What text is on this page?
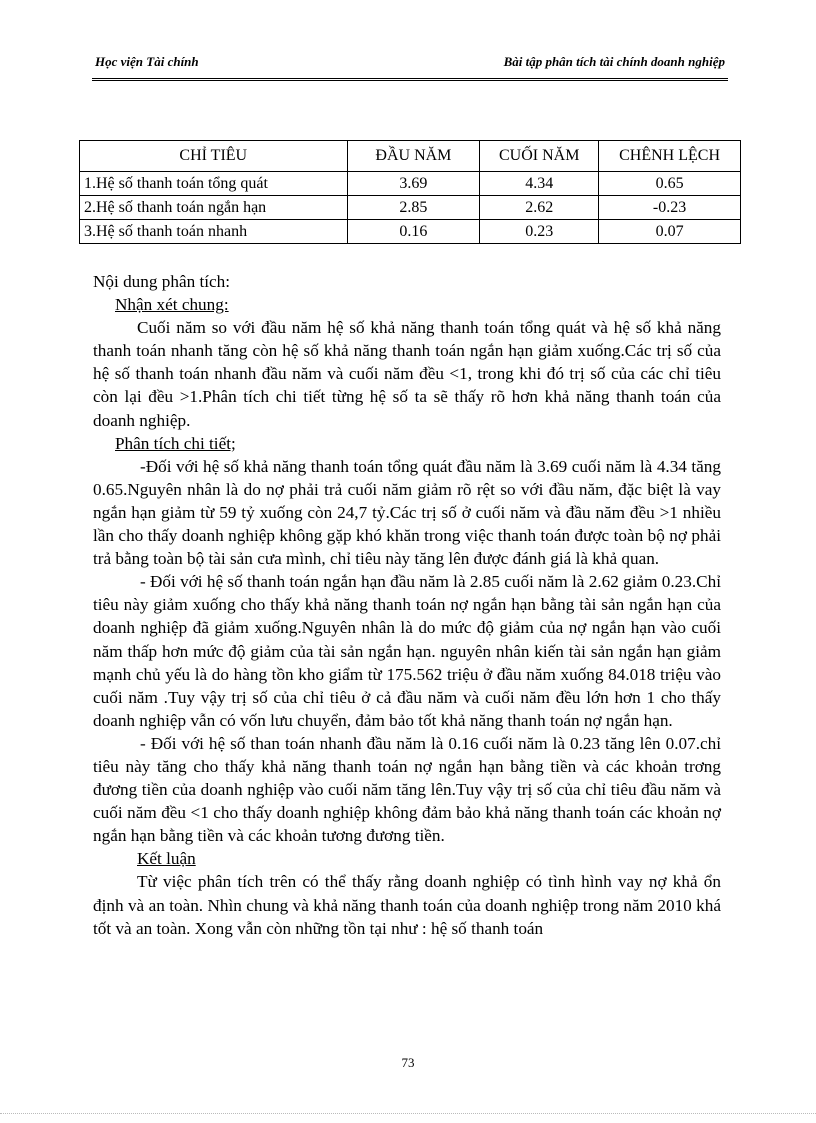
Học viện Tài chính	Bài tập phân tích tài chính doanh nghiệp
CHỈ TIÊU	ĐẦU NĂM	CUỐI NĂM	CHÊNH LỆCH
1.Hệ số thanh toán tổng quát	3.69	4.34	0.65
2.Hệ số thanh toán ngắn hạn	2.85	2.62	-0.23
3.Hệ số thanh toán nhanh	0.16	0.23	0.07

Nội dung phân tích:

Nhận xét chung:

Cuối năm so với đầu năm hệ số khả năng thanh toán tổng quát và hệ số khả năng thanh toán nhanh tăng còn hệ số khả năng thanh toán ngắn hạn giảm xuống.Các trị số của hệ số thanh toán nhanh đầu năm và cuối năm đều <1, trong khi đó trị số của các chỉ tiêu còn lại đều >1.Phân tích chi tiết từng hệ số ta sẽ thấy rõ hơn khả năng thanh toán của doanh nghiệp.

Phân tích chi tiết;

-Đối với hệ số khả năng thanh toán tổng quát đầu năm là 3.69 cuối năm là 4.34 tăng 0.65.Nguyên nhân là do nợ phải trả cuối năm giảm rõ rệt so với đầu năm, đặc biệt là vay ngắn hạn giảm từ 59 tỷ xuống còn 24,7 tỷ.Các trị số ở cuối năm và đầu năm đều >1 nhiều lần cho thấy doanh nghiệp không gặp khó khăn trong việc thanh toán được toàn bộ nợ phải trả bằng toàn bộ tài sản cưa mình, chỉ tiêu này tăng lên được đánh giá là khả quan.

- Đối với hệ số thanh toán ngắn hạn đầu năm là 2.85 cuối năm là 2.62 giảm 0.23.Chỉ tiêu này giảm xuống cho thấy khả năng thanh toán nợ ngắn hạn bằng tài sản ngắn hạn của doanh nghiệp đã giảm xuống.Nguyên nhân là do mức độ giảm của nợ ngắn hạn vào cuối năm thấp hơn mức độ giảm của tài sản ngắn hạn. nguyên nhân kiến tài sản ngắn hạn giảm mạnh chủ yếu là do hàng tồn kho giẩm từ 175.562 triệu ở đầu năm xuống 84.018 triệu vào cuối năm .Tuy vậy trị số của chỉ tiêu ở cả đầu năm và cuối năm đều lớn hơn 1 cho thấy doanh nghiệp vẫn có vốn lưu chuyển, đảm bảo tốt khả năng thanh toán nợ ngắn hạn.

- Đối với hệ số than toán nhanh đầu năm là 0.16 cuối năm là 0.23 tăng lên 0.07.chỉ tiêu này tăng cho thấy khả năng thanh toán nợ ngắn hạn bằng tiền và các khoản trơng đương tiền của doanh nghiệp vào cuối năm tăng lên.Tuy vậy trị số của chỉ tiêu đầu năm và cuối năm đều <1 cho thấy doanh nghiệp không đảm bảo khả năng thanh toán các khoản nợ ngắn hạn bằng tiền và các khoản tương đương tiền.

Kết luận

Từ việc phân tích trên có thể thấy rằng doanh nghiệp có tình hình vay nợ khả ổn định và an toàn. Nhìn chung và khả năng thanh toán của doanh nghiệp trong năm 2010 khá tốt và an toàn. Xong vẫn còn những tồn tại như : hệ số thanh toán

73
